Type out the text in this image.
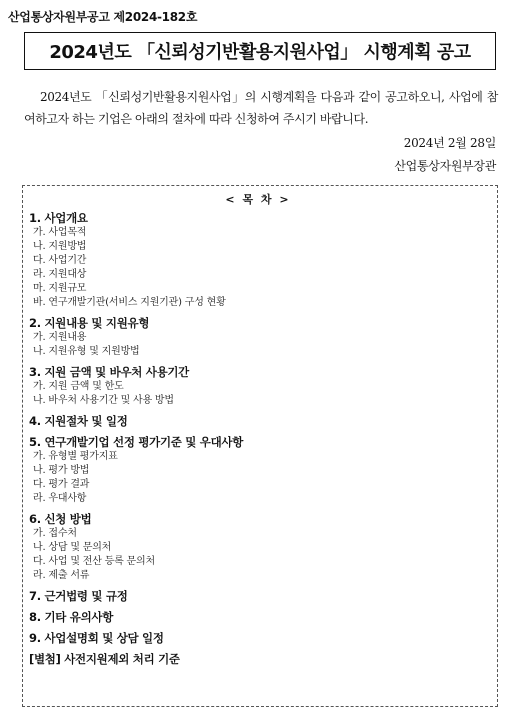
산업통상자원부공고 제2024-182호
2024년도 「신뢰성기반활용지원사업」 시행계획 공고
2024년도 「신뢰성기반활용지원사업」의 시행계획을 다음과 같이 공고하오니, 사업에 참여하고자 하는 기업은 아래의 절차에 따라 신청하여 주시기 바랍니다.
2024년 2월 28일
산업통상자원부장관
< 목 차 >
1. 사업개요
가. 사업목적
나. 지원방법
다. 사업기간
라. 지원대상
마. 지원규모
바. 연구개발기관(서비스 지원기관) 구성 현황
2. 지원내용 및 지원유형
가. 지원내용
나. 지원유형 및 지원방법
3. 지원 금액 및 바우처 사용기간
가. 지원 금액 및 한도
나. 바우처 사용기간 및 사용 방법
4. 지원절차 및 일정
5. 연구개발기업 선정 평가기준 및 우대사항
가. 유형별 평가지표
나. 평가 방법
다. 평가 결과
라. 우대사항
6. 신청 방법
가. 접수처
나. 상담 및 문의처
다. 사업 및 전산 등록 문의처
라. 제출 서류
7. 근거법령 및 규정
8. 기타 유의사항
9. 사업설명회 및 상담 일정
[별첨] 사전지원제외 처리 기준
